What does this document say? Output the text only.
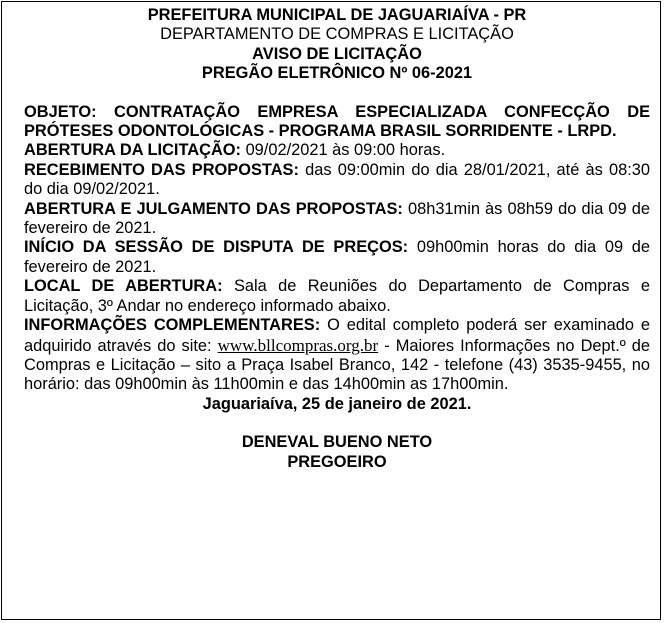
PREFEITURA MUNICIPAL DE JAGUARIAÍVA - PR
DEPARTAMENTO DE COMPRAS E LICITAÇÃO
AVISO DE LICITAÇÃO
PREGÃO ELETRÔNICO Nº 06-2021

OBJETO: CONTRATAÇÃO EMPRESA ESPECIALIZADA CONFECÇÃO DE PRÓTESES ODONTOLÓGICAS - PROGRAMA BRASIL SORRIDENTE - LRPD.

ABERTURA DA LICITAÇÃO: 09/02/2021 às 09:00 horas.

RECEBIMENTO DAS PROPOSTAS: das 09:00min do dia 28/01/2021, até às 08:30 do dia 09/02/2021.

ABERTURA E JULGAMENTO DAS PROPOSTAS: 08h31min às 08h59 do dia 09 de fevereiro de 2021.

INÍCIO DA SESSÃO DE DISPUTA DE PREÇOS: 09h00min horas do dia 09 de fevereiro de 2021.

LOCAL DE ABERTURA: Sala de Reuniões do Departamento de Compras e Licitação, 3º Andar no endereço informado abaixo.

INFORMAÇÕES COMPLEMENTARES: O edital completo poderá ser examinado e adquirido através do site: www.bllcompras.org.br - Maiores Informações no Dept.º de Compras e Licitação – sito a Praça Isabel Branco, 142 - telefone (43) 3535-9455, no horário: das 09h00min às 11h00min e das 14h00min as 17h00min.

Jaguariaíva, 25 de janeiro de 2021.
DENEVAL BUENO NETO
PREGOEIRO
